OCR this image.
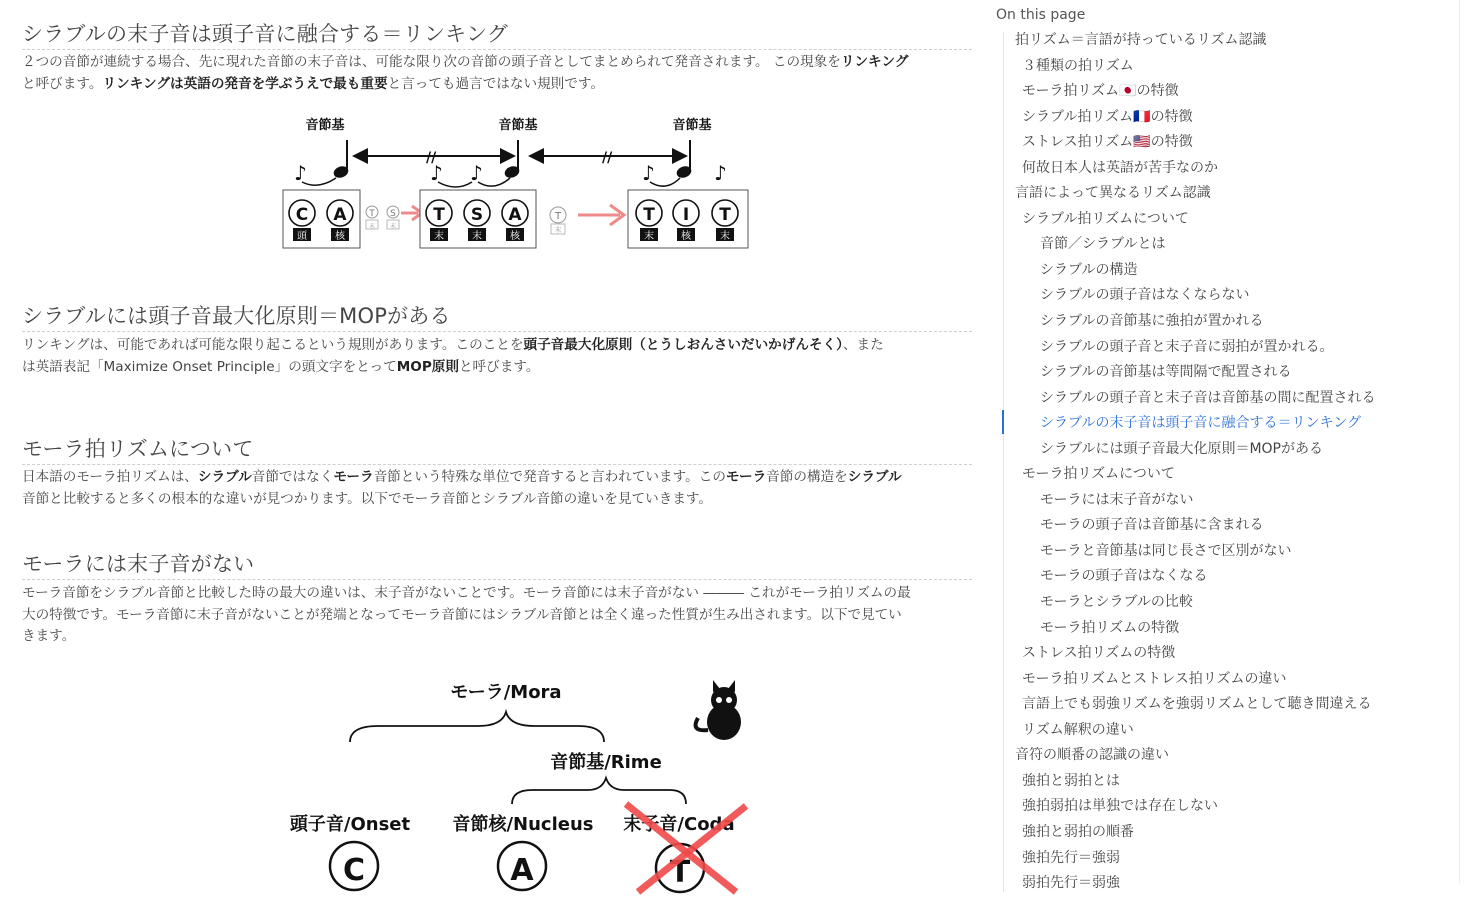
シラブルの末子音は頭子音に融合する＝リンキング

２つの音節が連続する場合、先に現れた音節の末子音は、可能な限り次の音節の頭子音としてまとめられて発音されます。 この現象をリンキング
と呼びます。リンキングは英語の発音を学ぶうえで最も重要と言っても過言ではない規則です。

音節基	音節基	音節基
//	//
♪	♪ ♪	♪	♪
C A
頭	核
T
末
S
末
T S A
末	末	核
T
末
T I T
末	核	末
シラブルには頭子音最大化原則＝MOPがある

リンキングは、可能であれば可能な限り起こるという規則があります。このことを頭子音最大化原則（とうしおんさいだいかげんそく）、また
は英語表記「Maximize Onset Principle」の頭文字をとってMOP原則と呼びます。

モーラ拍リズムについて

日本語のモーラ拍リズムは、シラブル音節ではなくモーラ音節という特殊な単位で発音すると言われています。このモーラ音節の構造をシラブル
音節と比較すると多くの根本的な違いが見つかります。以下でモーラ音節とシラブル音節の違いを見ていきます。

モーラには末子音がない

モーラ音節をシラブル音節と比較した時の最大の違いは、末子音がないことです。モーラ音節には末子音がない ――― これがモーラ拍リズムの最
大の特徴です。モーラ音節に末子音がないことが発端となってモーラ音節にはシラブル音節とは全く違った性質が生み出されます。以下で見てい
きます。

モーラ/Mora
音節基/Rime
頭子音/Onset 音節核/Nucleus 末子音/Coda
C	A	T
On this page
拍リズム＝言語が持っているリズム認識
３種類の拍リズム
モーラ拍リズム🇯🇵の特徴
シラブル拍リズム🇫🇷の特徴
ストレス拍リズム🇺🇸の特徴
何故日本人は英語が苦手なのか
言語によって異なるリズム認識
シラブル拍リズムについて
音節／シラブルとは
シラブルの構造
シラブルの頭子音はなくならない
シラブルの音節基に強拍が置かれる
シラブルの頭子音と末子音に弱拍が置かれる。
シラブルの音節基は等間隔で配置される
シラブルの頭子音と末子音は音節基の間に配置される
シラブルの末子音は頭子音に融合する＝リンキング
シラブルには頭子音最大化原則＝MOPがある
モーラ拍リズムについて
モーラには末子音がない
モーラの頭子音は音節基に含まれる
モーラと音節基は同じ長さで区別がない
モーラの頭子音はなくなる
モーラとシラブルの比較
モーラ拍リズムの特徴
ストレス拍リズムの特徴
モーラ拍リズムとストレス拍リズムの違い
言語上でも弱強リズムを強弱リズムとして聴き間違える
リズム解釈の違い
音符の順番の認識の違い
強拍と弱拍とは
強拍弱拍は単独では存在しない
強拍と弱拍の順番
強拍先行＝強弱
弱拍先行＝弱強
